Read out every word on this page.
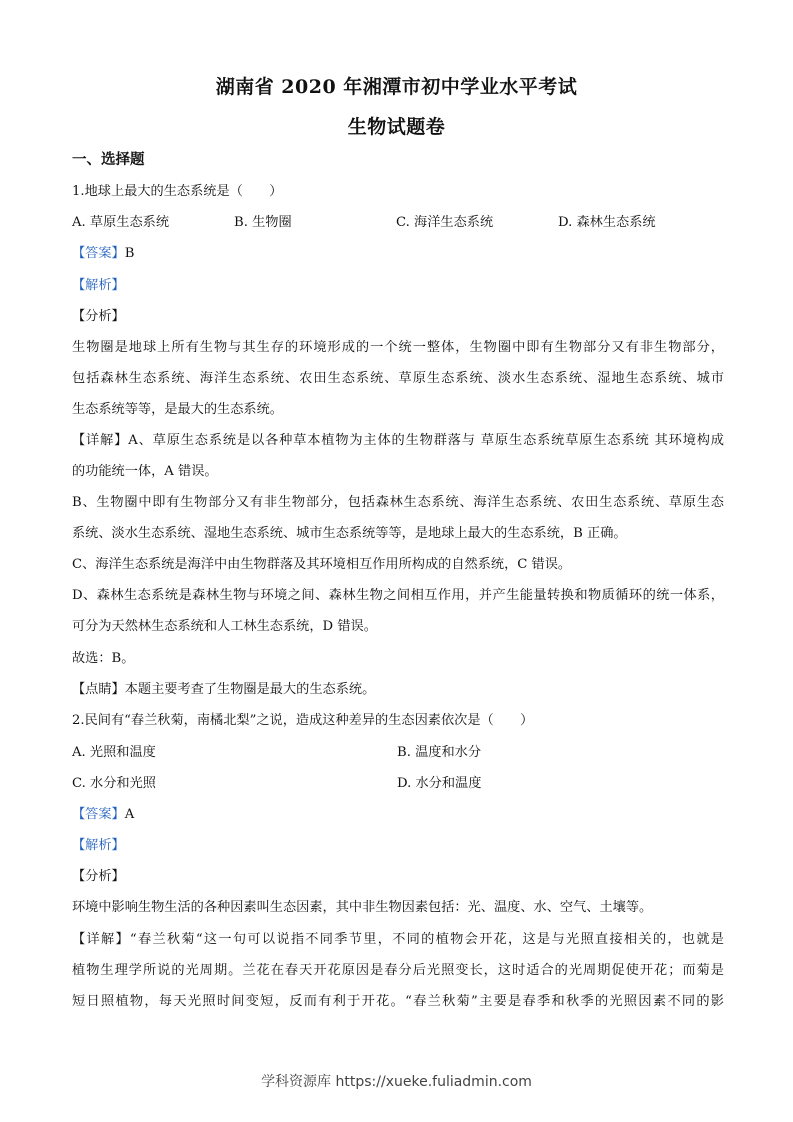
湖南省 2020 年湘潭市初中学业水平考试
生物试题卷
一、选择题
1.地球上最大的生态系统是（　　）
A. 草原生态系统	B. 生物圈	C. 海洋生态系统	D. 森林生态系统
【答案】B
【解析】
【分析】
生物圈是地球上所有生物与其生存的环境形成的一个统一整体，生物圈中即有生物部分又有非生物部分，
包括森林生态系统、海洋生态系统、农田生态系统、草原生态系统、淡水生态系统、湿地生态系统、城市
生态系统等等，是最大的生态系统。
【详解】A、草原生态系统是以各种草本植物为主体的生物群落与 草原生态系统草原生态系统 其环境构成
的功能统一体，A 错误。
B、生物圈中即有生物部分又有非生物部分，包括森林生态系统、海洋生态系统、农田生态系统、草原生态
系统、淡水生态系统、湿地生态系统、城市生态系统等等，是地球上最大的生态系统，B 正确。
C、海洋生态系统是海洋中由生物群落及其环境相互作用所构成的自然系统，C 错误。
D、森林生态系统是森林生物与环境之间、森林生物之间相互作用，并产生能量转换和物质循环的统一体系，
可分为天然林生态系统和人工林生态系统，D 错误。
故选：B。
【点睛】本题主要考查了生物圈是最大的生态系统。
2.民间有“春兰秋菊，南橘北梨”之说，造成这种差异的生态因素依次是（　　）
A. 光照和温度	B. 温度和水分
C. 水分和光照	D. 水分和温度
【答案】A
【解析】
【分析】
环境中影响生物生活的各种因素叫生态因素，其中非生物因素包括：光、温度、水、空气、土壤等。
【详解】“春兰秋菊“这一句可以说指不同季节里，不同的植物会开花，这是与光照直接相关的，也就是
植物生理学所说的光周期。兰花在春天开花原因是春分后光照变长，这时适合的光周期促使开花；而菊是
短日照植物，每天光照时间变短，反而有利于开花。“春兰秋菊”主要是春季和秋季的光照因素不同的影
学科资源库 https://xueke.fuliadmin.com
